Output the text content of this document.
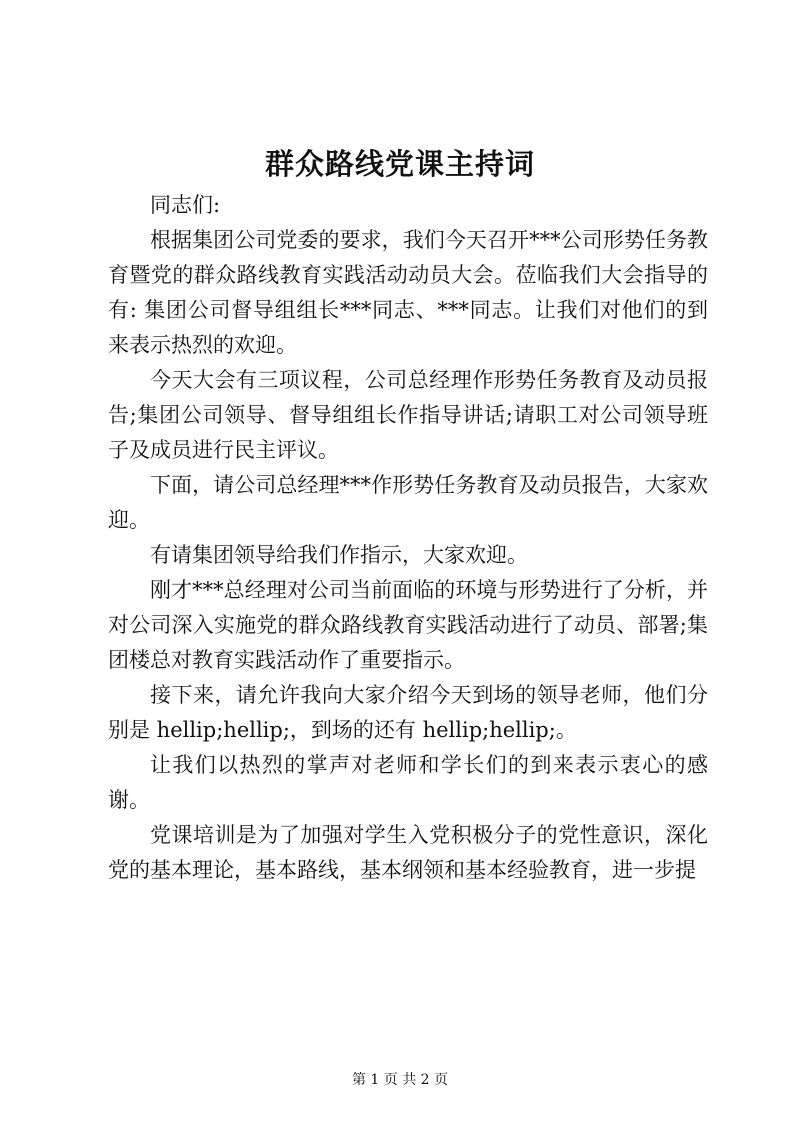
群众路线党课主持词

同志们:

根据集团公司党委的要求，我们今天召开***公司形势任务教育暨党的群众路线教育实践活动动员大会。莅临我们大会指导的有: 集团公司督导组组长***同志、***同志。让我们对他们的到来表示热烈的欢迎。

今天大会有三项议程，公司总经理作形势任务教育及动员报告;集团公司领导、督导组组长作指导讲话;请职工对公司领导班子及成员进行民主评议。

下面，请公司总经理***作形势任务教育及动员报告，大家欢迎。

有请集团领导给我们作指示，大家欢迎。

刚才***总经理对公司当前面临的环境与形势进行了分析，并对公司深入实施党的群众路线教育实践活动进行了动员、部署;集团楼总对教育实践活动作了重要指示。

接下来，请允许我向大家介绍今天到场的领导老师，他们分别是 hellip;hellip;，到场的还有 hellip;hellip;。

让我们以热烈的掌声对老师和学长们的到来表示衷心的感谢。

党课培训是为了加强对学生入党积极分子的党性意识，深化党的基本理论，基本路线，基本纲领和基本经验教育，进一步提

第 1 页 共 2 页
